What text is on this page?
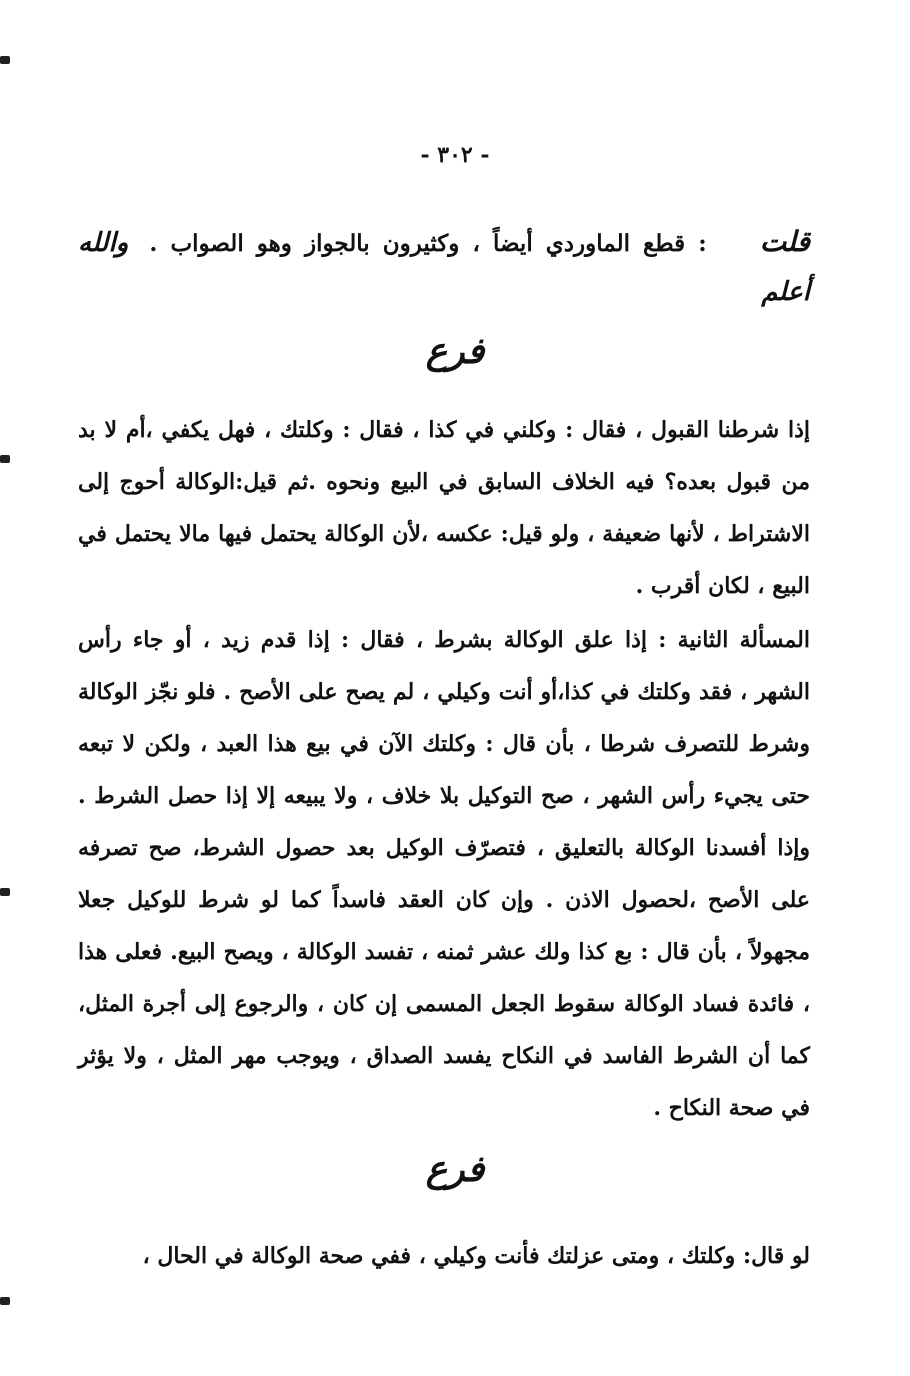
- ٣٠٢ -
قلت : قطع الماوردي أيضاً ، وكثيرون بالجواز وهو الصواب . والله أعلم
فرع
إذا شرطنا القبول ، فقال : وكلني في كذا ، فقال : وكلتك ، فهل يكفي ،أم لا بد من قبول بعده؟ فيه الخلاف السابق في البيع ونحوه .ثم قيل:الوكالة أحوج إلى الاشتراط ، لأنها ضعيفة ، ولو قيل: عكسه ،لأن الوكالة يحتمل فيها مالا يحتمل في البيع ، لكان أقرب .
المسألة الثانية : إذا علق الوكالة بشرط ، فقال : إذا قدم زيد ، أو جاء رأس الشهر ، فقد وكلتك في كذا،أو أنت وكيلي ، لم يصح على الأصح . فلو نجّز الوكالة وشرط للتصرف شرطا ، بأن قال : وكلتك الآن في بيع هذا العبد ، ولكن لا تبعه حتى يجيء رأس الشهر ، صح التوكيل بلا خلاف ، ولا يبيعه إلا إذا حصل الشرط . وإذا أفسدنا الوكالة بالتعليق ، فتصرّف الوكيل بعد حصول الشرط، صح تصرفه على الأصح ،لحصول الاذن . وإن كان العقد فاسداً كما لو شرط للوكيل جعلا مجهولاً ، بأن قال : بع كذا ولك عشر ثمنه ، تفسد الوكالة ، ويصح البيع. فعلى هذا ، فائدة فساد الوكالة سقوط الجعل المسمى إن كان ، والرجوع إلى أجرة المثل، كما أن الشرط الفاسد في النكاح يفسد الصداق ، ويوجب مهر المثل ، ولا يؤثر في صحة النكاح .
فرع
لو قال: وكلتك ، ومتى عزلتك فأنت وكيلي ، ففي صحة الوكالة في الحال ،
